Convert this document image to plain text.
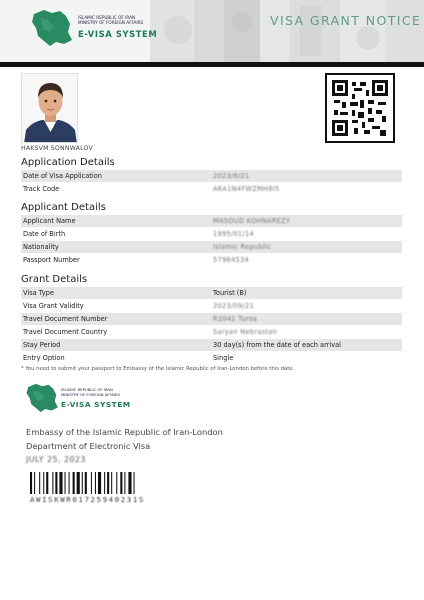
ISLAMIC REPUBLIC OF IRAN
MINISTRY OF FOREIGN AFFAIRS
E-VISA SYSTEM
VISA GRANT NOTICE
HAKSVM SONNWALOV
Application Details
Date of Visa Application	2023/6/21
Track Code	A6A1N4FWZMH8I5
Applicant Details
Applicant Name	MASOUD KOHNAREZY
Date of Birth	1995/01/14
Nationality	Islamic Republic
Passport Number	57964534
Grant Details
Visa Type	Tourist (B)
Visa Grant Validity	2023/09/21
Travel Document Number	R2041 Tursa
Travel Document Country	Saryan Nebrastan
Stay Period	30 day(s) from the date of each arrival
Entry Option	Single
* You need to submit your passport to Embassy of the Islamic Republic of Iran-London before this date.
ISLAMIC REPUBLIC OF IRAN
MINISTRY OF FOREIGN AFFAIRS
E-VISA SYSTEM
Embassy of the Islamic Republic of Iran-London
Department of Electronic Visa
JULY 25, 2023
AWISKWR01725940231S
